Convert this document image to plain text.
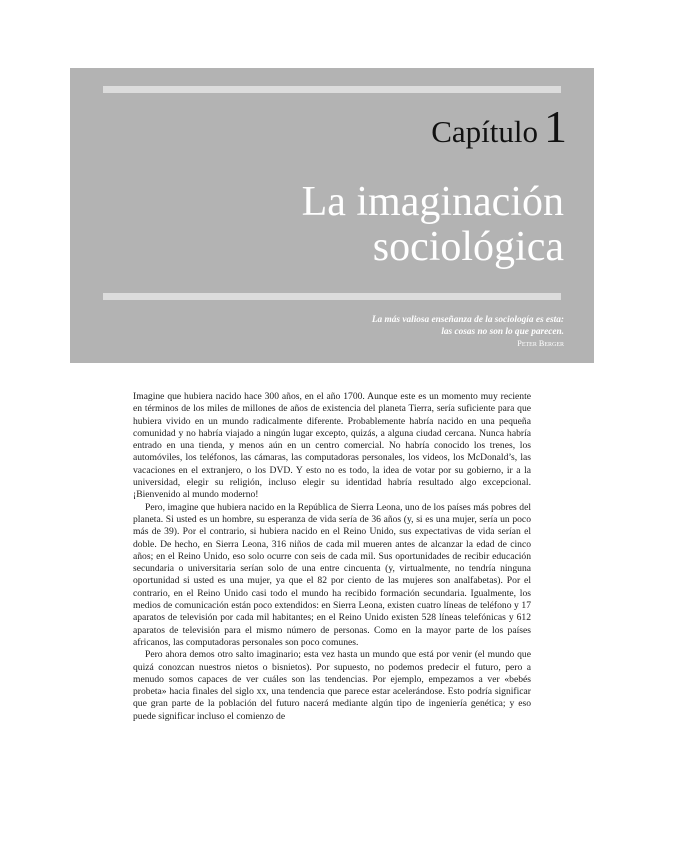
Capítulo 1
La imaginación
sociológica
La más valiosa enseñanza de la sociología es esta:
las cosas no son lo que parecen.
Peter Berger

Imagine que hubiera nacido hace 300 años, en el año 1700. Aunque este es un momento muy reciente en términos de los miles de millones de años de existencia del planeta Tierra, sería suficiente para que hubiera vivido en un mundo radicalmente diferente. Probablemente habría nacido en una pequeña comunidad y no habría viajado a ningún lugar excepto, quizás, a alguna ciudad cercana. Nunca habría entrado en una tienda, y menos aún en un centro comercial. No habría conocido los trenes, los automóviles, los teléfonos, las cámaras, las computadoras personales, los videos, los McDonald’s, las vacaciones en el extranjero, o los DVD. Y esto no es todo, la idea de votar por su gobierno, ir a la universidad, elegir su religión, incluso elegir su identidad habría resultado algo excepcional. ¡Bienvenido al mundo moderno!

Pero, imagine que hubiera nacido en la República de Sierra Leona, uno de los países más pobres del planeta. Si usted es un hombre, su esperanza de vida sería de 36 años (y, si es una mujer, sería un poco más de 39). Por el contrario, si hubiera nacido en el Reino Unido, sus expectativas de vida serían el doble. De hecho, en Sierra Leona, 316 niños de cada mil mueren antes de alcanzar la edad de cinco años; en el Reino Unido, eso solo ocurre con seis de cada mil. Sus oportunidades de recibir educación secundaria o universitaria serían solo de una entre cincuenta (y, virtualmente, no tendría ninguna oportunidad si usted es una mujer, ya que el 82 por ciento de las mujeres son analfabetas). Por el contrario, en el Reino Unido casi todo el mundo ha recibido formación secundaria. Igualmente, los medios de comunicación están poco extendidos: en Sierra Leona, existen cuatro líneas de teléfono y 17 aparatos de televisión por cada mil habitantes; en el Reino Unido existen 528 líneas telefónicas y 612 aparatos de televisión para el mismo número de personas. Como en la mayor parte de los países africanos, las computadoras personales son poco comunes.

Pero ahora demos otro salto imaginario; esta vez hasta un mundo que está por venir (el mundo que quizá conozcan nuestros nietos o bisnietos). Por supuesto, no podemos predecir el futuro, pero a menudo somos capaces de ver cuáles son las tendencias. Por ejemplo, empezamos a ver «bebés probeta» hacia finales del siglo xx, una tendencia que parece estar acelerándose. Esto podría significar que gran parte de la población del futuro nacerá mediante algún tipo de ingeniería genética; y eso puede significar incluso el comienzo de
